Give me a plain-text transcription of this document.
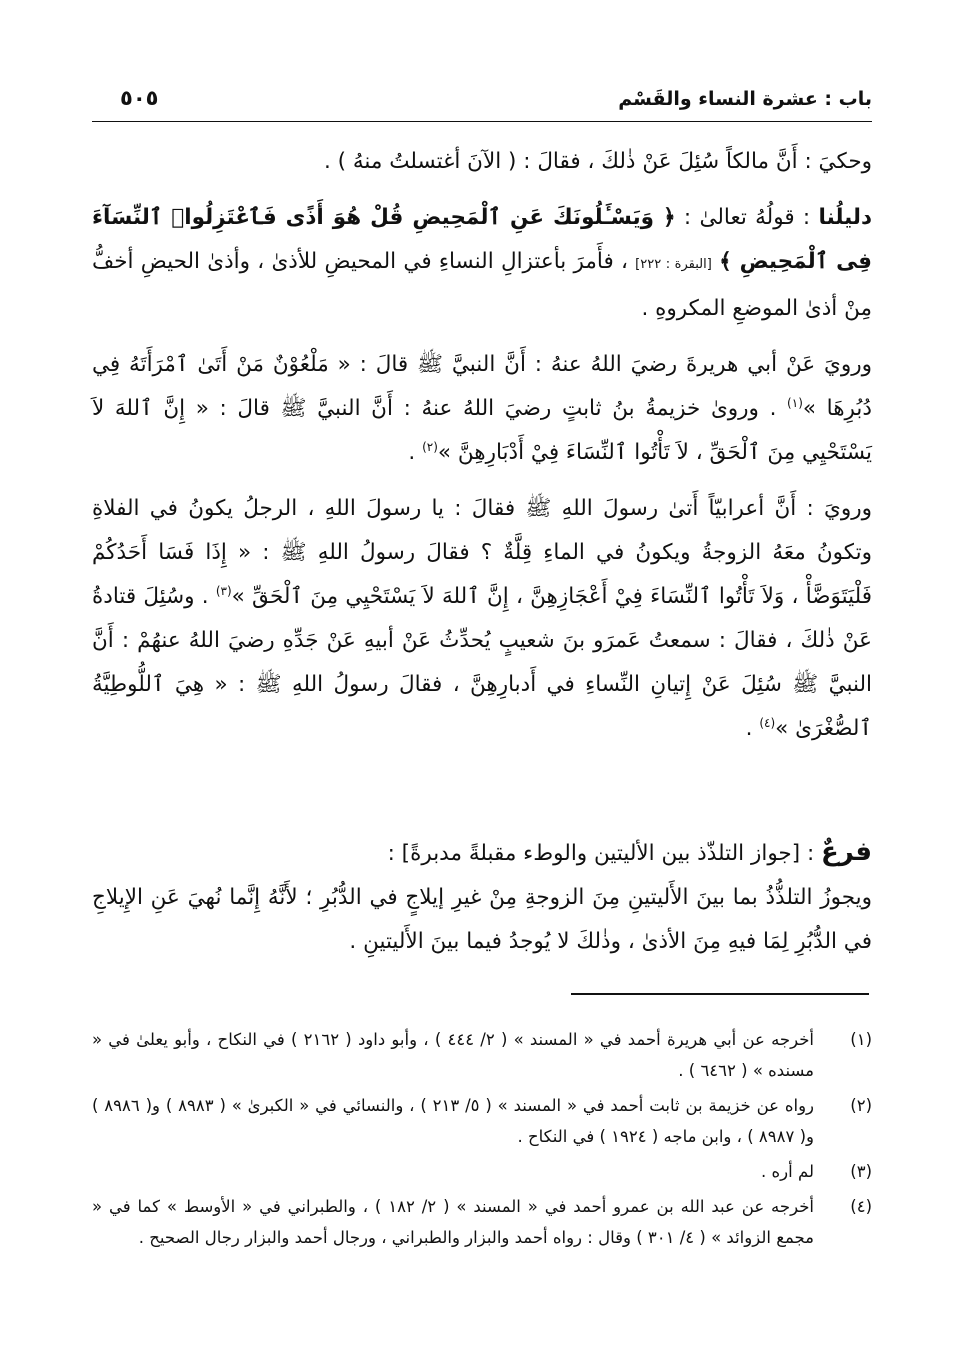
باب : عشرة النساء والقَسْم
٥٠٥

وحكيَ : أَنَّ مالكاً سُئِلَ عَنْ ذٰلكَ ، فقالَ : ( الآنَ أغتسلتُ منهُ ) .

دليلُنا : قولُهُ تعالىٰ : ﴿ وَيَسْـَٔلُونَكَ عَنِ ٱلْمَحِيضِ قُلْ هُوَ أَذًى فَٱعْتَزِلُوا۟ ٱلنِّسَآءَ فِى ٱلْمَحِيضِ ﴾ [البقرة : ٢٢٢] ، فأَمرَ بأعتزالِ النساءِ في المحيضِ للأذىٰ ، وأذىٰ الحيضِ أخفُّ مِنْ أذىٰ الموضعِ المكروهِ .

ورويَ عَنْ أبي هريرةَ رضيَ اللهُ عنهُ : أَنَّ النبيَّ ﷺ قالَ : « مَلْعُوْنٌ مَنْ أَتَىٰ ٱمْرَأَتَهُ فِي دُبُرِهَا »$^{(١)}$ . وروىٰ خزيمةُ بنُ ثابتٍ رضيَ اللهُ عنهُ : أَنَّ النبيَّ ﷺ قالَ : « إِنَّ ٱللهَ لاَ يَسْتَحْيِي مِنَ ٱلْحَقِّ ، لاَ تَأْتُوا ٱلنِّسَاءَ فِيْ أَدْبَارِهِنَّ »$^{(٢)}$ .

ورويَ : أَنَّ أعرابيّاً أَتىٰ رسولَ اللهِ ﷺ فقالَ : يا رسولَ اللهِ ، الرجلُ يكونُ في الفلاةِ وتكونُ معَهُ الزوجةُ ويكونُ في الماءِ قِلَّةٌ ؟ فقالَ رسولُ اللهِ ﷺ : « إِذَا فَسَا أَحَدُكُمْ فَلْيَتَوَضَّأْ ، وَلاَ تَأْتُوا ٱلنِّسَاءَ فِيْ أَعْجَازِهِنَّ ، إِنَّ ٱللهَ لاَ يَسْتَحْيِي مِنَ ٱلْحَقِّ »$^{(٣)}$ . وسُئِلَ قتادةُ عَنْ ذٰلكَ ، فقالَ : سمعتُ عَمرَو بنَ شعيبٍ يُحدِّثُ عَنْ أبيهِ عَنْ جَدِّهِ رضيَ اللهُ عنهُمْ : أَنَّ النبيَّ ﷺ سُئِلَ عَنْ إِتيانِ النِّساءِ في أَدبارِهِنَّ ، فقالَ رسولُ اللهِ ﷺ : « هِيَ ٱللُّوطِيَّةُ ٱلصُّغْرَىٰ »$^{(٤)}$ .

فرعٌ : [جواز التلذّذ بين الأليتين والوطء مقبلةً مدبرةً] :

ويجوزُ التلذُّذُ بما بينَ الأَليتينِ مِنَ الزوجةِ مِنْ غيرِ إيلاجٍ في الدُّبُرِ ؛ لأَنَّهُ إِنَّما نُهيَ عَنِ الإِيلاجِ في الدُّبُرِ لِمَا فيهِ مِنَ الأذىٰ ، وذٰلكَ لا يُوجدُ فيما بينَ الأَليتينِ .

(١)
أخرجه عن أبي هريرة أحمد في « المسند » ( ٢/ ٤٤٤ ) ، وأبو داود ( ٢١٦٢ ) في النكاح ، وأبو يعلىٰ في « مسنده » ( ٦٤٦٢ ) .
(٢)
رواه عن خزيمة بن ثابت أحمد في « المسند » ( ٥/ ٢١٣ ) ، والنسائي في « الكبرىٰ » ( ٨٩٨٣ ) و( ٨٩٨٦ ) و( ٨٩٨٧ ) ، وابن ماجه ( ١٩٢٤ ) في النكاح .
(٣)
لم أره .
(٤)
أخرجه عن عبد الله بن عمرو أحمد في « المسند » ( ٢/ ١٨٢ ) ، والطبراني في « الأوسط » كما في « مجمع الزوائد » ( ٤/ ٣٠١ ) وقال : رواه أحمد والبزار والطبراني ، ورجال أحمد والبزار رجال الصحيح .
